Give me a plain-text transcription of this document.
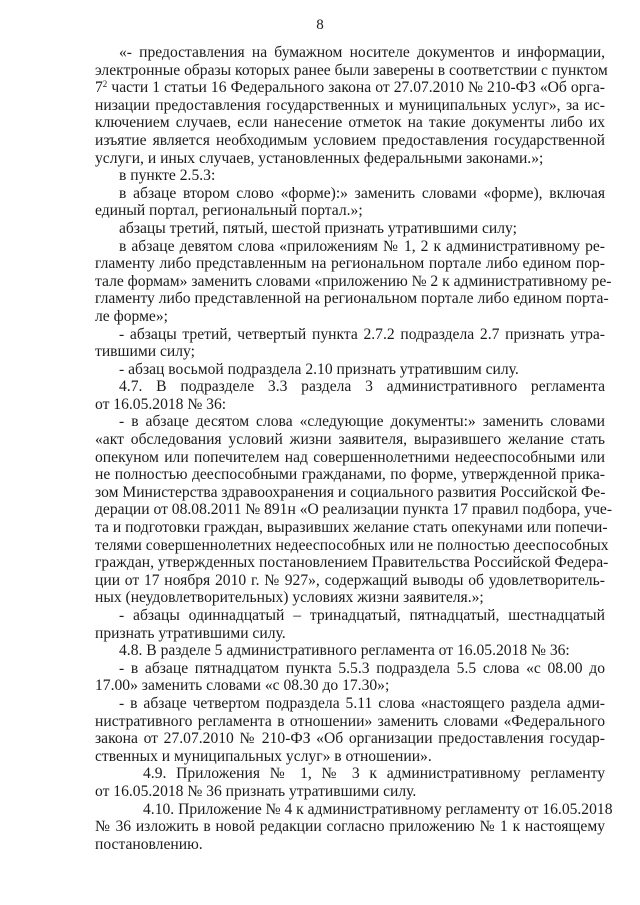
8
«- предоставления на бумажном носителе документов и информации,
электронные образы которых ранее были заверены в соответствии с пунктом
$7^2$ части 1 статьи 16 Федерального закона от 27.07.2010 № 210-ФЗ «Об орга-
низации предоставления государственных и муниципальных услуг», за ис-
ключением случаев, если нанесение отметок на такие документы либо их
изъятие является необходимым условием предоставления государственной
услуги, и иных случаев, установленных федеральными законами.»;
в пункте 2.5.3:
в абзаце втором слово «форме):» заменить словами «форме), включая
единый портал, региональный портал.»;
абзацы третий, пятый, шестой признать утратившими силу;
в абзаце девятом слова «приложениям № 1, 2 к административному ре-
гламенту либо представленным на региональном портале либо едином пор-
тале формам» заменить словами «приложению № 2 к административному ре-
гламенту либо представленной на региональном портале либо едином порта-
ле форме»;
- абзацы третий, четвертый пункта 2.7.2 подраздела 2.7 признать утра-
тившими силу;
- абзац восьмой подраздела 2.10 признать утратившим силу.
4.7. В подразделе 3.3 раздела 3 административного регламента
от 16.05.2018 № 36:
- в абзаце десятом слова «следующие документы:» заменить словами
«акт обследования условий жизни заявителя, выразившего желание стать
опекуном или попечителем над совершеннолетними недееспособными или
не полностью дееспособными гражданами, по форме, утвержденной прика-
зом Министерства здравоохранения и социального развития Российской Фе-
дерации от 08.08.2011 № 891н «О реализации пункта 17 правил подбора, уче-
та и подготовки граждан, выразивших желание стать опекунами или попечи-
телями совершеннолетних недееспособных или не полностью дееспособных
граждан, утвержденных постановлением Правительства Российской Федера-
ции от 17 ноября 2010 г. № 927», содержащий выводы об удовлетворитель-
ных (неудовлетворительных) условиях жизни заявителя.»;
- абзацы одиннадцатый – тринадцатый, пятнадцатый, шестнадцатый
признать утратившими силу.
4.8. В разделе 5 административного регламента от 16.05.2018 № 36:
- в абзаце пятнадцатом пункта 5.5.3 подраздела 5.5 слова «с 08.00 до
17.00» заменить словами «с 08.30 до 17.30»;
- в абзаце четвертом подраздела 5.11 слова «настоящего раздела адми-
нистративного регламента в отношении» заменить словами «Федерального
закона от 27.07.2010 № 210-ФЗ «Об организации предоставления государ-
ственных и муниципальных услуг» в отношении».
4.9. Приложения № 1, № 3 к административному регламенту
от 16.05.2018 № 36 признать утратившими силу.
4.10. Приложение № 4 к административному регламенту от 16.05.2018
№ 36 изложить в новой редакции согласно приложению № 1 к настоящему
постановлению.
